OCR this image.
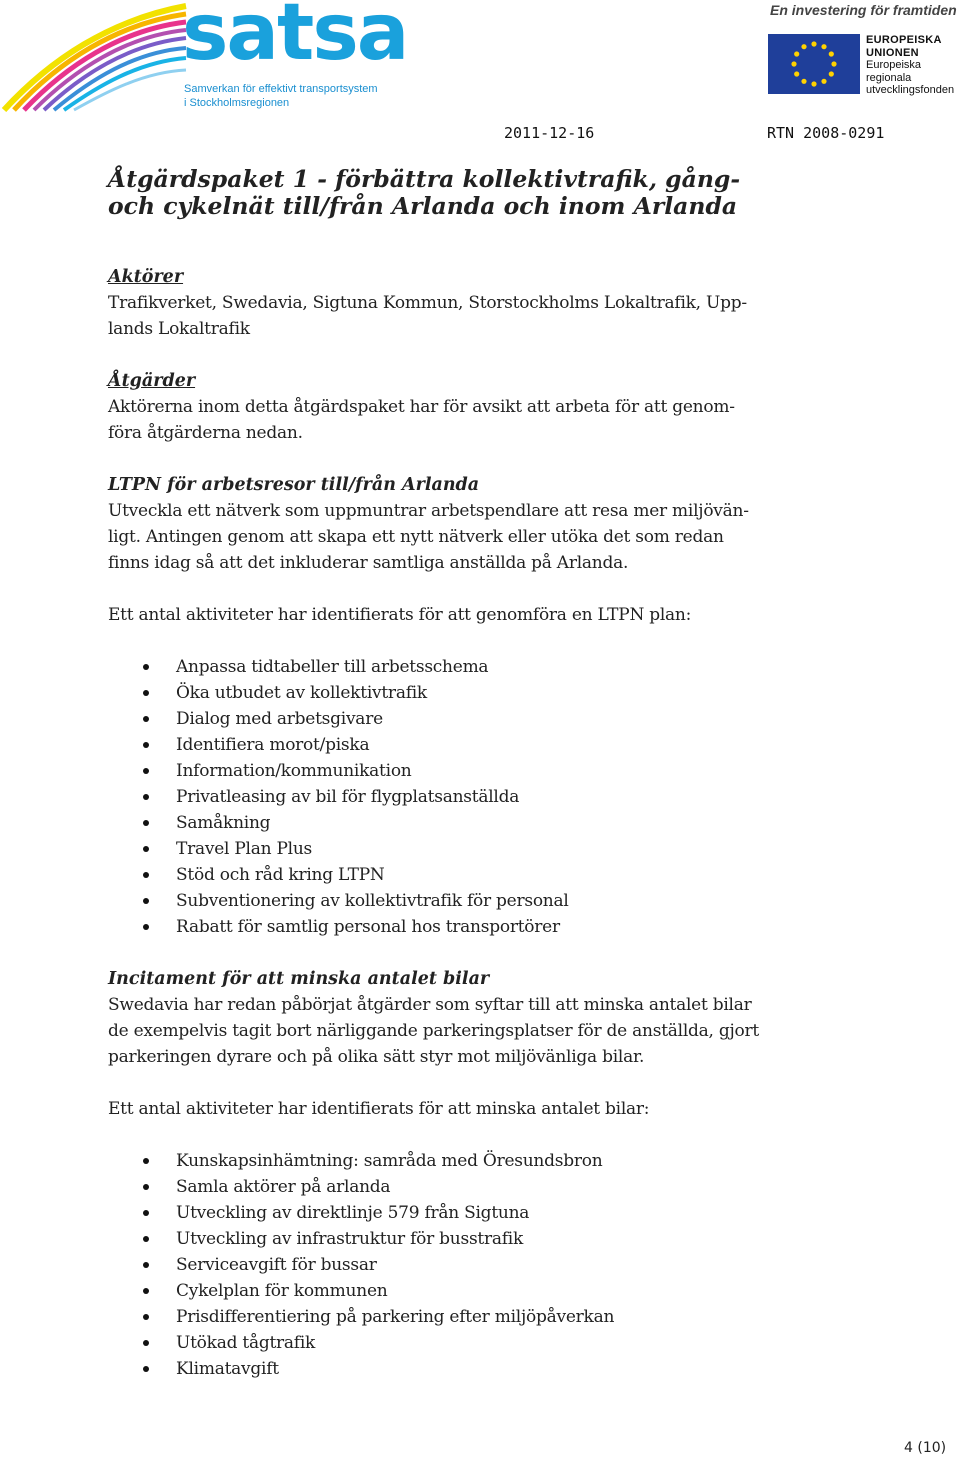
satsa
Samverkan för effektivt transportsystem
i Stockholmsregionen
En investering för framtiden
EUROPEISKA
UNIONEN
Europeiska
regionala
utvecklingsfonden
2011-12-16	RTN 2008-0291
Åtgärdspaket 1 - förbättra kollektivtrafik, gång-
och cykelnät till/från Arlanda och inom Arlanda
Aktörer

Trafikverket, Swedavia, Sigtuna Kommun, Storstockholms Lokaltrafik, Upp-
lands Lokaltrafik

Åtgärder

Aktörerna inom detta åtgärdspaket har för avsikt att arbeta för att genom-
föra åtgärderna nedan.

LTPN för arbetsresor till/från Arlanda

Utveckla ett nätverk som uppmuntrar arbetspendlare att resa mer miljövän-
ligt. Antingen genom att skapa ett nytt nätverk eller utöka det som redan
finns idag så att det inkluderar samtliga anställda på Arlanda.

Ett antal aktiviteter har identifierats för att genomföra en LTPN plan:

Anpassa tidtabeller till arbetsschema
Öka utbudet av kollektivtrafik
Dialog med arbetsgivare
Identifiera morot/piska
Information/kommunikation
Privatleasing av bil för flygplatsanställda
Samåkning
Travel Plan Plus
Stöd och råd kring LTPN
Subventionering av kollektivtrafik för personal
Rabatt för samtlig personal hos transportörer
Incitament för att minska antalet bilar

Swedavia har redan påbörjat åtgärder som syftar till att minska antalet bilar
de exempelvis tagit bort närliggande parkeringsplatser för de anställda, gjort
parkeringen dyrare och på olika sätt styr mot miljövänliga bilar.

Ett antal aktiviteter har identifierats för att minska antalet bilar:

Kunskapsinhämtning: samråda med Öresundsbron
Samla aktörer på arlanda
Utveckling av direktlinje 579 från Sigtuna
Utveckling av infrastruktur för busstrafik
Serviceavgift för bussar
Cykelplan för kommunen
Prisdifferentiering på parkering efter miljöpåverkan
Utökad tågtrafik
Klimatavgift
4 (10)
